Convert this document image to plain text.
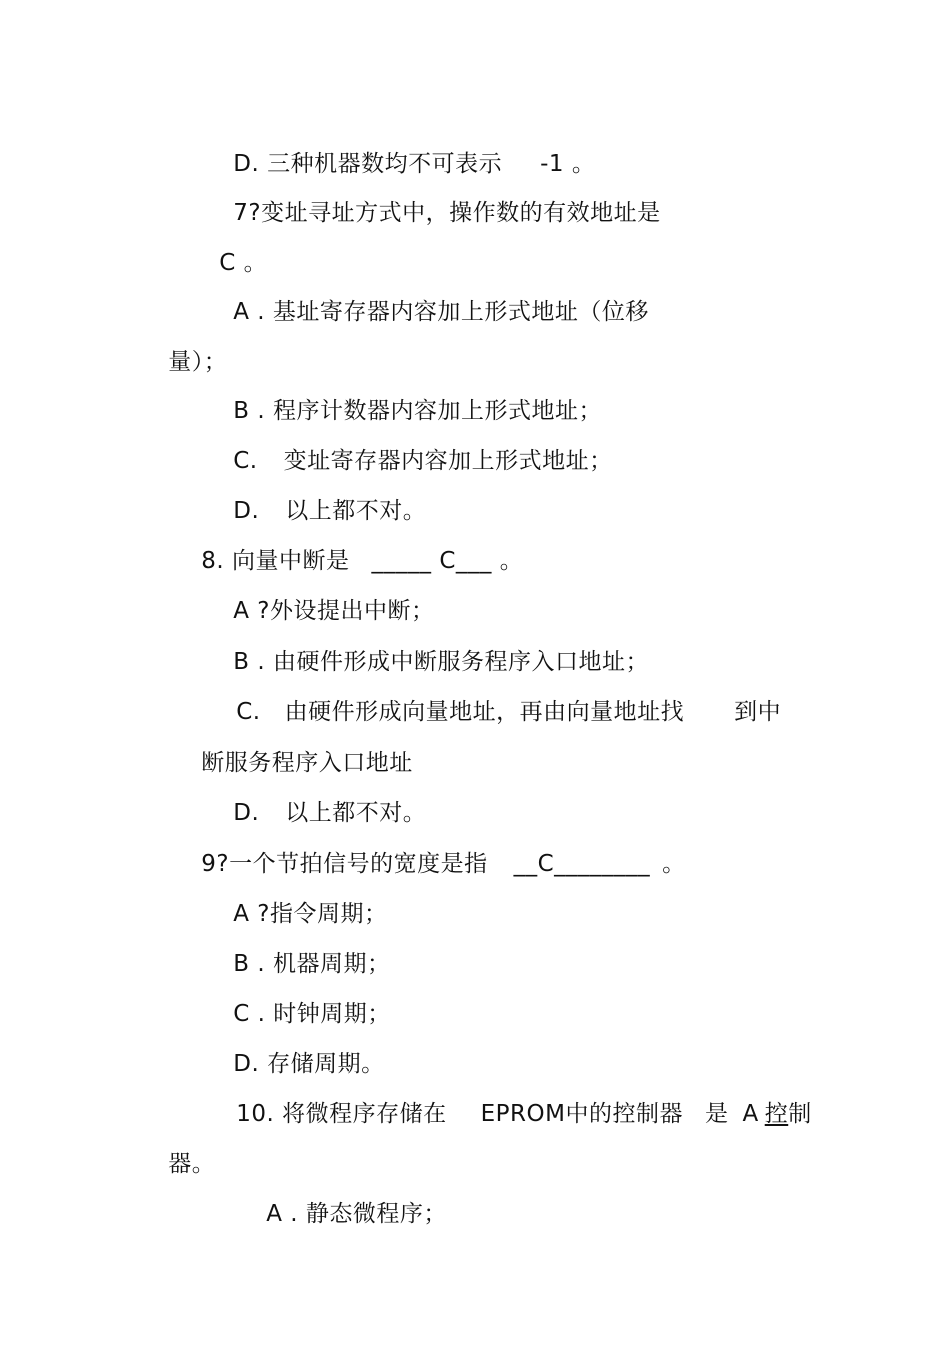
D. 三种机器数均不可表示 -1 。

7?变址寻址方式中，操作数的有效地址是

C 。

A . 基址寄存器内容加上形式地址（位移

量）；

B . 程序计数器内容加上形式地址；

C. 变址寄存器内容加上形式地址；

D. 以上都不对。

8. 向量中断是 _____ C___ 。

A ?外设提出中断；

B . 由硬件形成中断服务程序入口地址；

C. 由硬件形成向量地址，再由向量地址找 到中

断服务程序入口地址

D. 以上都不对。

9?一个节拍信号的宽度是指 __C________ 。

A ?指令周期；

B . 机器周期；

C . 时钟周期；

D. 存储周期。

10. 将微程序存储在 EPROM中的控制器 是 A 控制

器。

A . 静态微程序；
